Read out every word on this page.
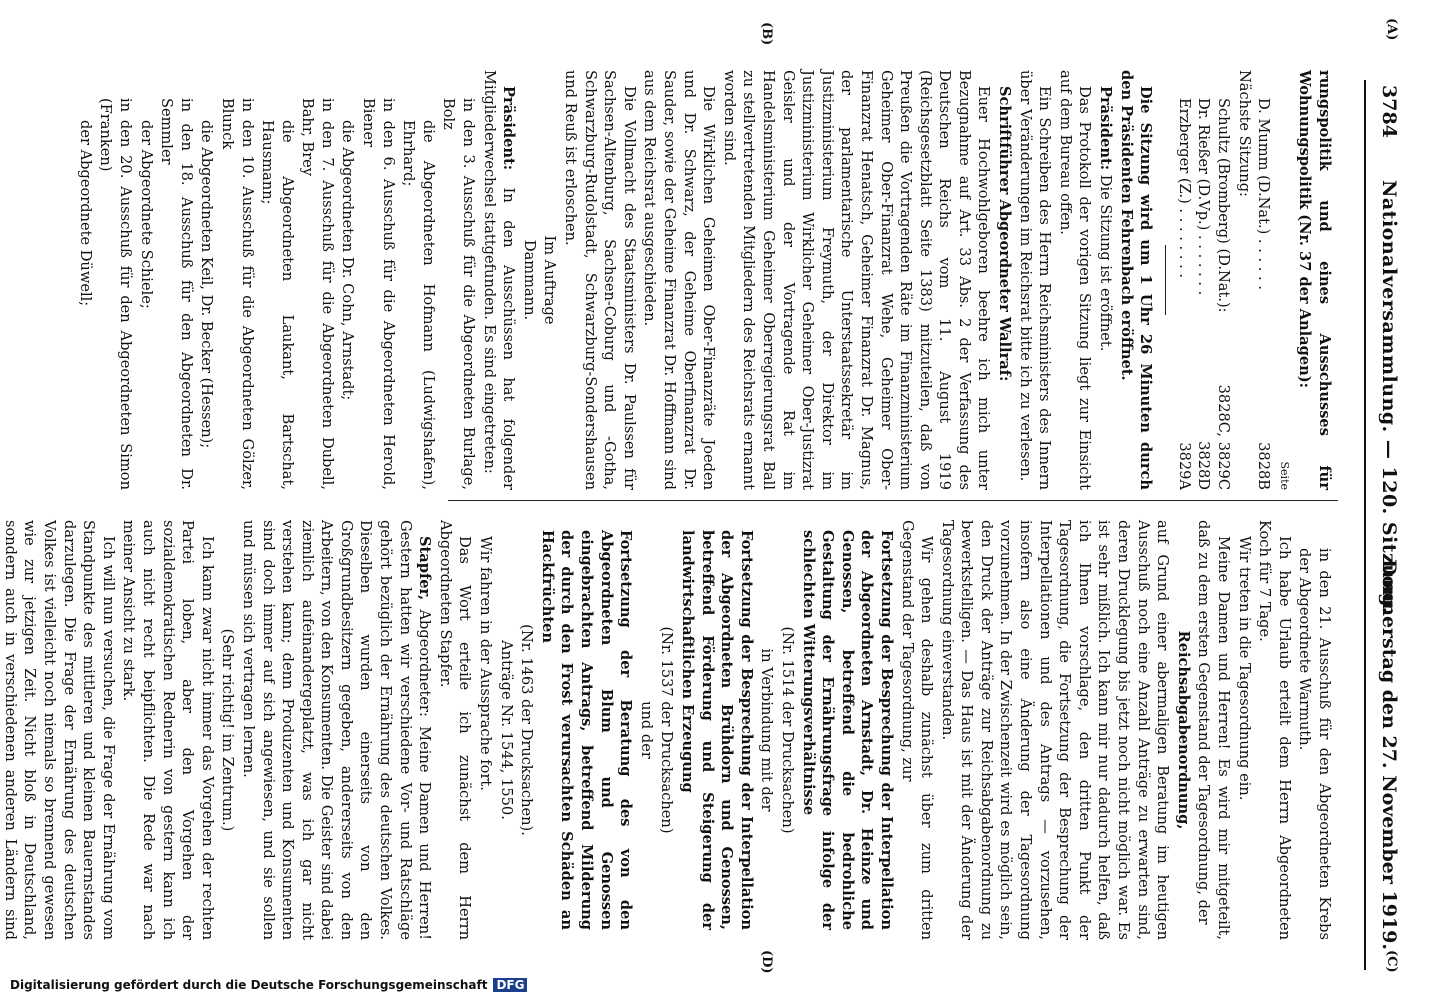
3784
Nationalversammlung. — 120. Sitzung.
Donnerstag den 27. November 1919.
(A)
(B)
(C)
(D)

rungspolitik und eines Ausschusses für Wohnungspolitik (Nr. 37 der Anlagen):

Seite

D. Mumm (D.Nat.) . . . . . .
3828B

Nächste Sitzung:

Schultz (Bromberg) (D.Nat.):
3828C, 3829C
Dr. Rießer (D.Vp.) . . . . . . .
3828D
Erzberger (Z.) . . . . . . . .
3829A

Die Sitzung wird um 1 Uhr 26 Minuten durch den Präsidenten Fehrenbach eröffnet.

Präsident: Die Sitzung ist eröffnet.

Das Protokoll der vorigen Sitzung liegt zur Einsicht auf dem Bureau offen.

Ein Schreiben des Herrn Reichsministers des Innern über Veränderungen im Reichsrat bitte ich zu verlesen.

Schriftführer Abgeordneter Wallraf:

Euer Hochwohlgeboren beehre ich mich unter Bezugnahme auf Art. 33 Abs. 2 der Verfassung des Deutschen Reichs vom 11. August 1919 (Reichsgesetzblatt Seite 1383) mitzuteilen, daß von Preußen die Vortragenden Räte im Finanzministerium Geheimer Ober-Finanzrat Wehe, Geheimer Ober-Finanzrat Henatsch, Geheimer Finanzrat Dr. Magnus, der parlamentarische Unterstaatssekretär im Justizministerium Freymuth, der Direktor im Justizministerium Wirklicher Geheimer Ober-Justizrat Geisler und der Vortragende Rat im Handelsministerium Geheimer Oberregierungsrat Ball zu stellvertretenden Mitgliedern des Reichsrats ernannt worden sind.

Die Wirklichen Geheimen Ober-Finanzräte Joeden und Dr. Schwarz, der Geheime Oberfinanzrat Dr. Sauder, sowie der Geheime Finanzrat Dr. Hoffmann sind aus dem Reichsrat ausgeschieden.

Die Vollmacht des Staatsministers Dr. Paulssen für Sachsen-Altenburg, Sachsen-Coburg und -Gotha, Schwarzburg-Rudolstadt, Schwarzburg-Sondershausen und Reuß ist erloschen.

Im Auftrage

Dammann.

Präsident: In den Ausschüssen hat folgender Mitgliederwechsel stattgefunden. Es sind eingetreten:

in den 3. Ausschuß für die Abgeordneten Burlage, Bolz

die Abgeordneten Hofmann (Ludwigshafen), Ehrhard;

in den 6. Ausschuß für die Abgeordneten Herold, Biener

die Abgeordneten Dr. Cohn, Arnstadt;

in den 7. Ausschuß für die Abgeordneten Dubell, Bahr, Brey

die Abgeordneten Laukant, Bartschat, Hausmann;

in den 10. Ausschuß für die Abgeordneten Gölzer, Blunck

die Abgeordneten Keil, Dr. Becker (Hessen);

in den 18. Ausschuß für den Abgeordneten Dr. Semmler

der Abgeordnete Schiele;

in den 20. Ausschuß für den Abgeordneten Simon (Franken)

der Abgeordnete Düwell;

in den 21. Ausschuß für den Abgeordneten Krebs der Abgeordnete Warmuth.

Ich habe Urlaub erteilt dem Herrn Abgeordneten Koch für 7 Tage.

Wir treten in die Tagesordnung ein.

Meine Damen und Herren! Es wird mir mitgeteilt, daß zu dem ersten Gegenstand der Tagesordnung, der

Reichsabgabenordnung,

auf Grund einer abermaligen Beratung im heutigen Ausschuß noch eine Anzahl Anträge zu erwarten sind, deren Drucklegung bis jetzt noch nicht möglich war. Es ist sehr mißlich. Ich kann mir nur dadurch helfen, daß ich Ihnen vorschlage, den dritten Punkt der Tagesordnung, die Fortsetzung der Besprechung der Interpellationen und des Antrags — vorzusehen, insofern also eine Änderung der Tagesordnung vorzunehmen. In der Zwischenzeit wird es möglich sein, den Druck der Anträge zur Reichsabgabenordnung zu bewerkstelligen. — Das Haus ist mit der Änderung der Tagesordnung einverstanden.

Wir gehen deshalb zunächst über zum dritten Gegenstand der Tagesordnung, zur

Fortsetzung der Besprechung der Interpellation der Abgeordneten Arnstadt, Dr. Heinze und Genossen, betreffend die bedrohliche Gestaltung der Ernährungsfrage infolge der schlechten Witterungsverhältnisse

(Nr. 1514 der Drucksachen)

in Verbindung mit der

Fortsetzung der Besprechung der Interpellation der Abgeordneten Brühdorn und Genossen, betreffend Förderung und Steigerung der landwirtschaftlichen Erzeugung

(Nr. 1537 der Drucksachen)

und der

Fortsetzung der Beratung des von den Abgeordneten Blum und Genossen eingebrachten Antrags, betreffend Milderung der durch den Frost verursachten Schäden an Hackfrüchten

(Nr. 1463 der Drucksachen).

Anträge Nr. 1544, 1550.

Wir fahren in der Aussprache fort.

Das Wort erteile ich zunächst dem Herrn Abgeordneten Stapfer.

Stapfer, Abgeordneter: Meine Damen und Herren! Gestern hatten wir verschiedene Vor- und Ratschläge gehört bezüglich der Ernährung des deutschen Volkes. Dieselben wurden einerseits von den Großgrundbesitzern gegeben, andererseits von den Arbeitern, von den Konsumenten. Die Geister sind dabei ziemlich aufeinandergeplatzt, was ich gar nicht verstehen kann; denn Produzenten und Konsumenten sind doch immer auf sich angewiesen, und sie sollen und müssen sich vertragen lernen.

(Sehr richtig! im Zentrum.)

Ich kann zwar nicht immer das Vorgehen der rechten Partei loben, aber den Vorgehen der sozialdemokratischen Rednerin von gestern kann ich auch nicht recht beipflichten. Die Rede war nach meiner Ansicht zu stark.

Ich will nun versuchen, die Frage der Ernährung vom Standpunkte des mittleren und kleinen Bauernstandes darzulegen. Die Frage der Ernährung des deutschen Volkes ist vielleicht noch niemals so brennend gewesen wie zur jetzigen Zeit. Nicht bloß in Deutschland, sondern auch in verschiedenen anderen Ländern sind

Digitalisierung gefördert durch die Deutsche Forschungsgemeinschaft DFG
